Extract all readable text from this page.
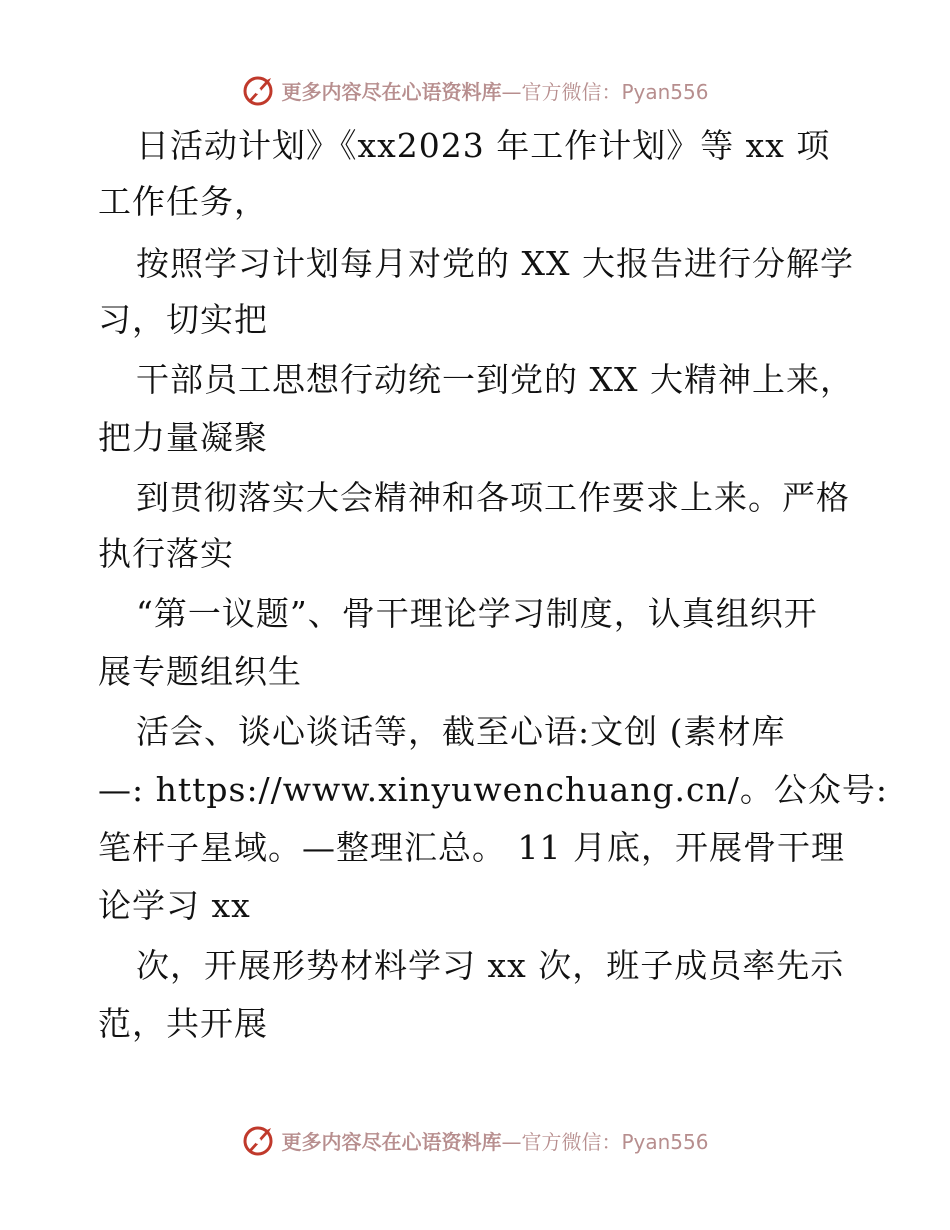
更多内容尽在心语资料库—官方微信：Pyan556
日活动计划》《xx2023 年工作计划》等 xx 项
工作任务，
按照学习计划每月对党的 XX 大报告进行分解学
习，切实把
干部员工思想行动统一到党的 XX 大精神上来，
把力量凝聚
到贯彻落实大会精神和各项工作要求上来。严格
执行落实
“第一议题”、骨干理论学习制度，认真组织开
展专题组织生
活会、谈心谈话等，截至心语:文创 (素材库
—: https://www.xinyuwenchuang.cn/。公众号:
笔杆子星域。—整理汇总。 11 月底，开展骨干理
论学习 xx
次，开展形势材料学习 xx 次，班子成员率先示
范，共开展
更多内容尽在心语资料库—官方微信：Pyan556
